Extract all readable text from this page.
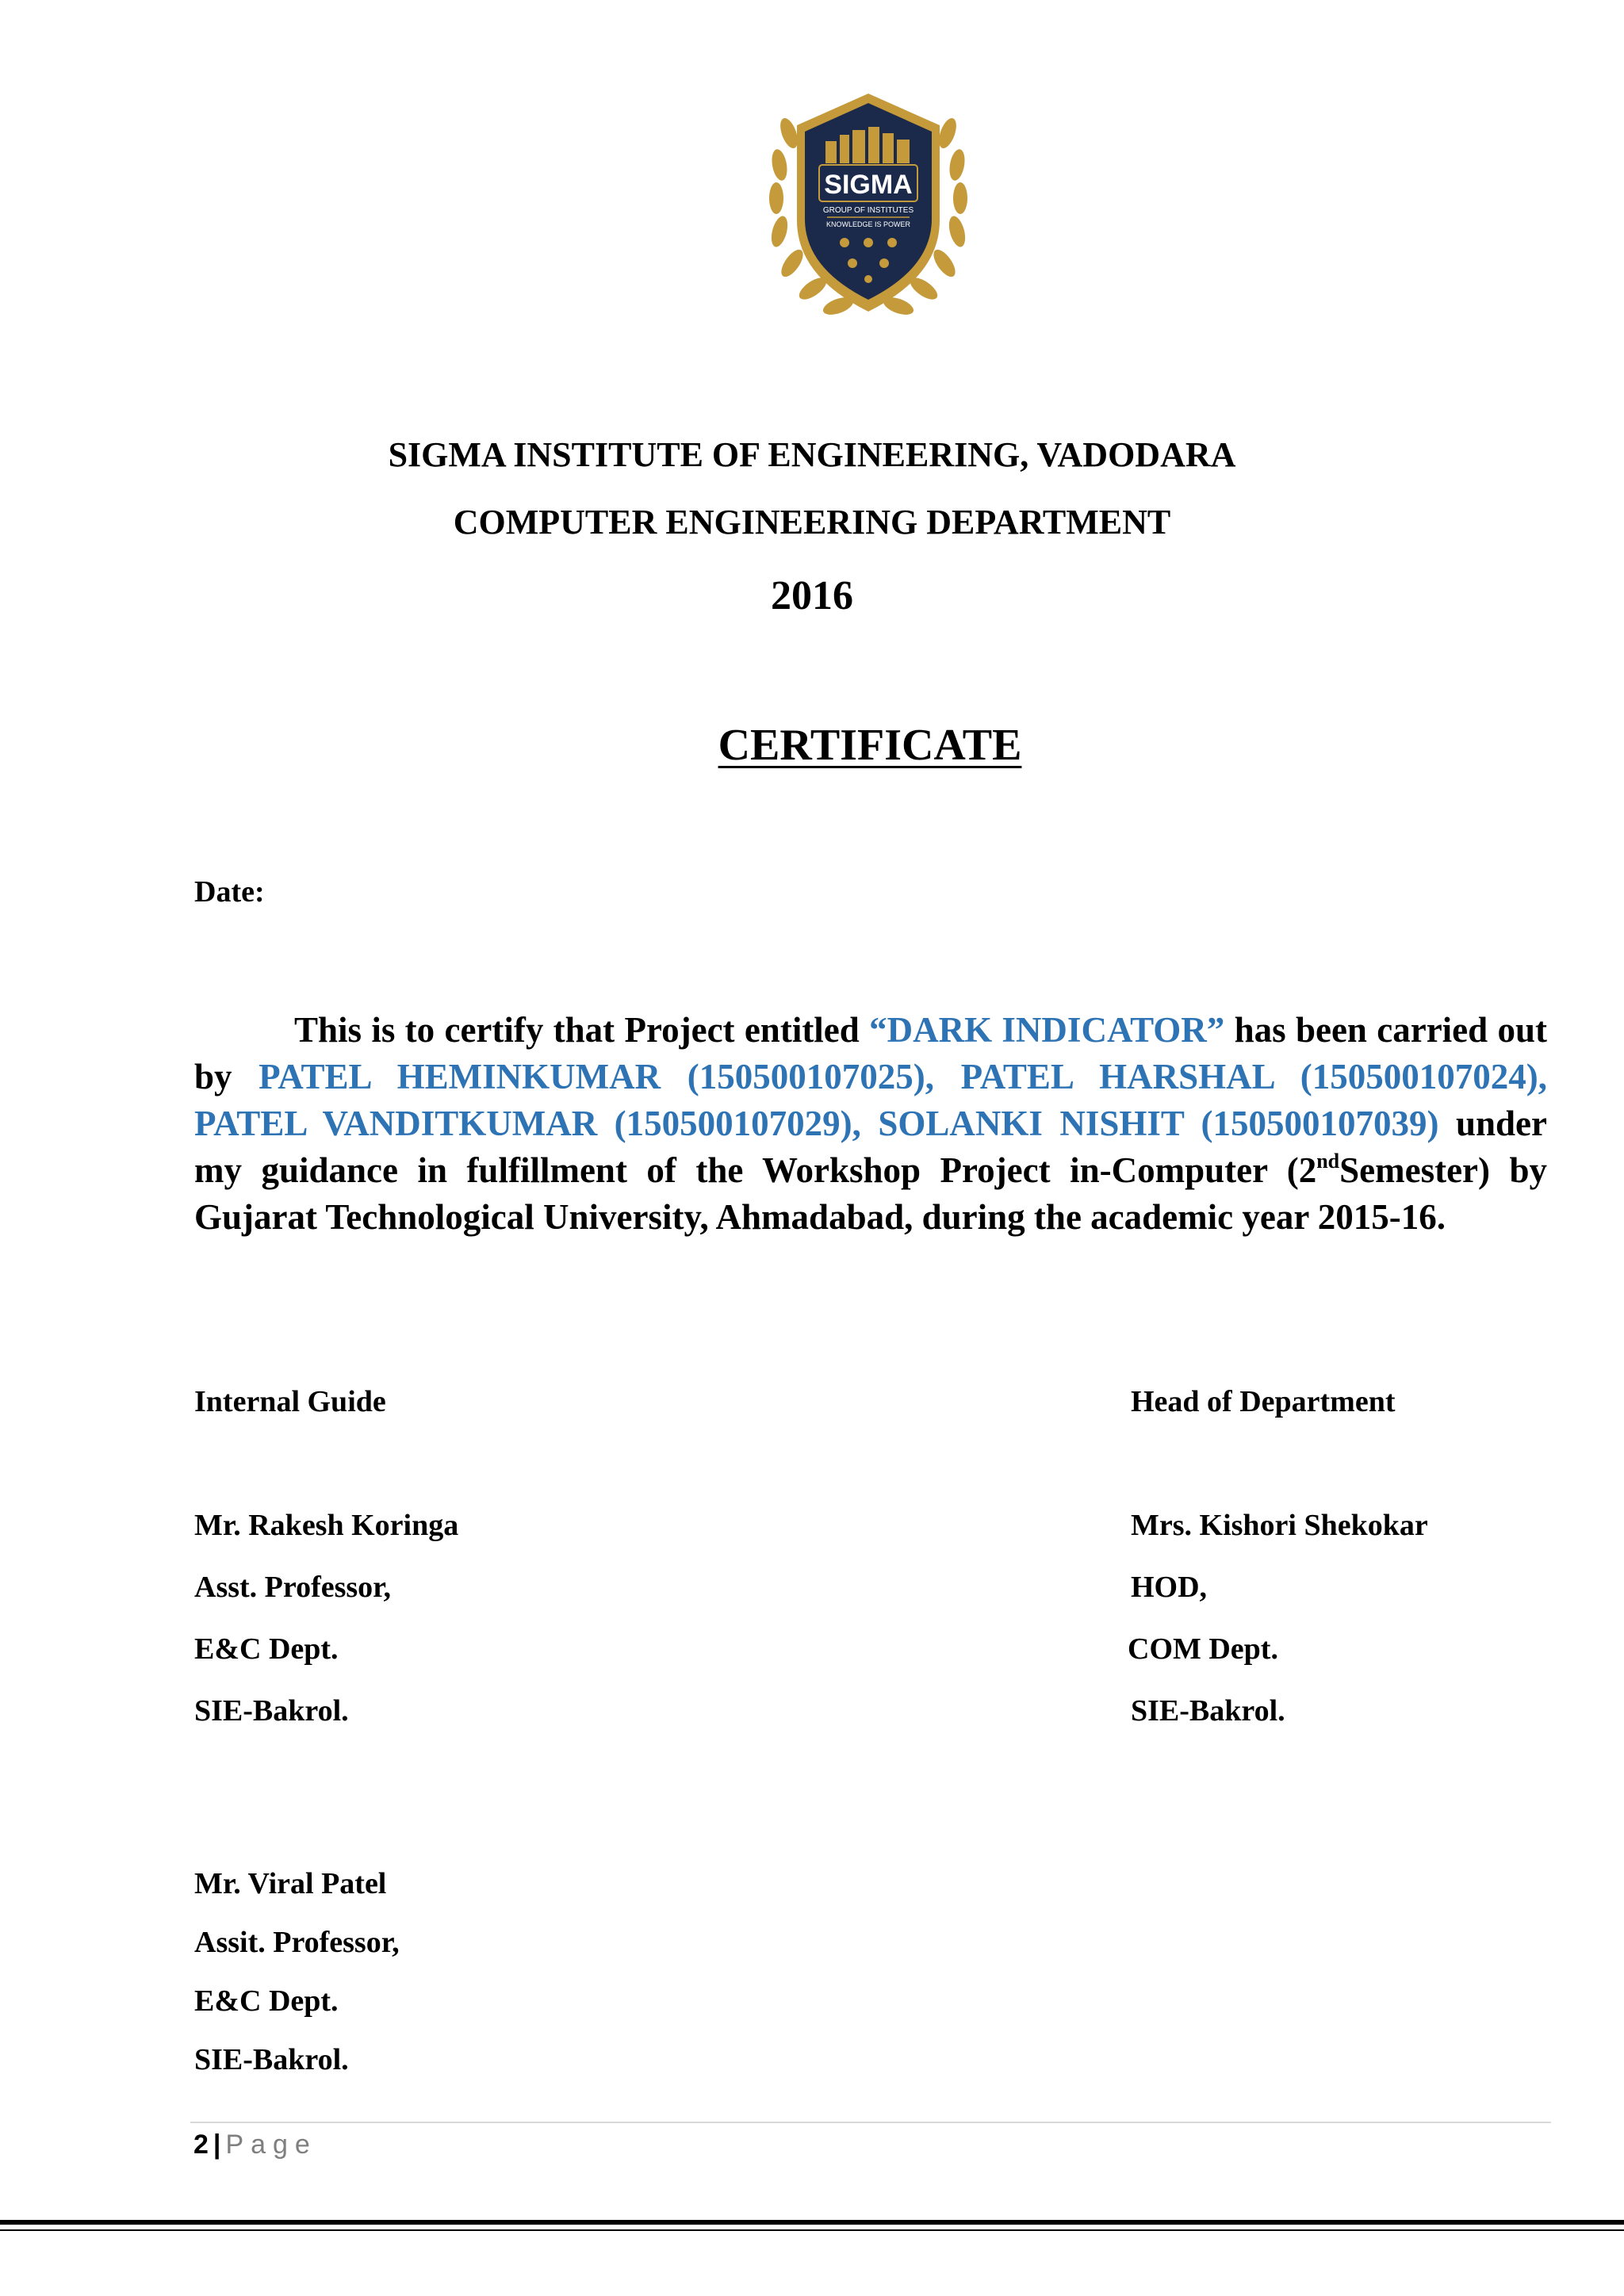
SIGMA
GROUP OF INSTITUTES
KNOWLEDGE IS POWER
SIGMA INSTITUTE OF ENGINEERING, VADODARA
COMPUTER ENGINEERING DEPARTMENT
2016
CERTIFICATE
Date:
This is to certify that Project entitled “DARK INDICATOR” has been carried out by PATEL HEMINKUMAR (150500107025), PATEL HARSHAL (150500107024), PATEL VANDITKUMAR (150500107029), SOLANKI NISHIT (150500107039) under my guidance in fulfillment of the Workshop Project in-Computer (2ndSemester) by Gujarat Technological University, Ahmadabad, during the academic year 2015-16.
Internal Guide	Head of Department
Mr. Rakesh Koringa
Asst. Professor,
E&C Dept.
SIE-Bakrol.
Mrs. Kishori Shekokar
HOD,
COM Dept.
SIE-Bakrol.
Mr. Viral Patel
Assit. Professor,
E&C Dept.
SIE-Bakrol.
2 | Page
